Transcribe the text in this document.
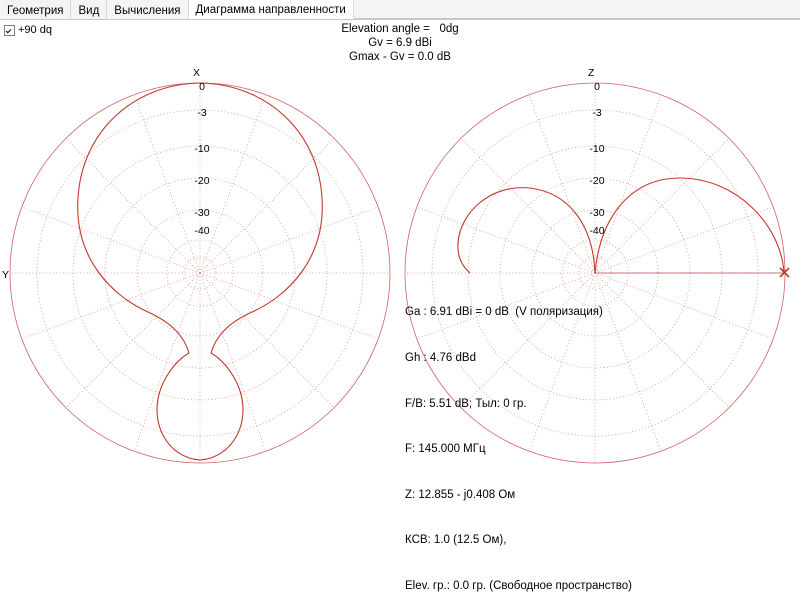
Геометрия Вид Вычисления Диаграмма направленности
+90 dq	Elevation angle =   0dg
Gv = 6.9 dBi
Gmax - Gv = 0.0 dB
X
Y
0
-3
-10
-20
-30
-40
Z
0
-3
-10
-20
-30
-40

Ga : 6.91 dBi = 0 dB  (V поляризация)

Gh : 4.76 dBd

F/B: 5.51 dB; Тыл: 0 гр.

F: 145.000 МГц

Z: 12.855 - j0.408 Ом

КСВ: 1.0 (12.5 Ом),

Elev. гр.: 0.0 гр. (Свободное пространство)
